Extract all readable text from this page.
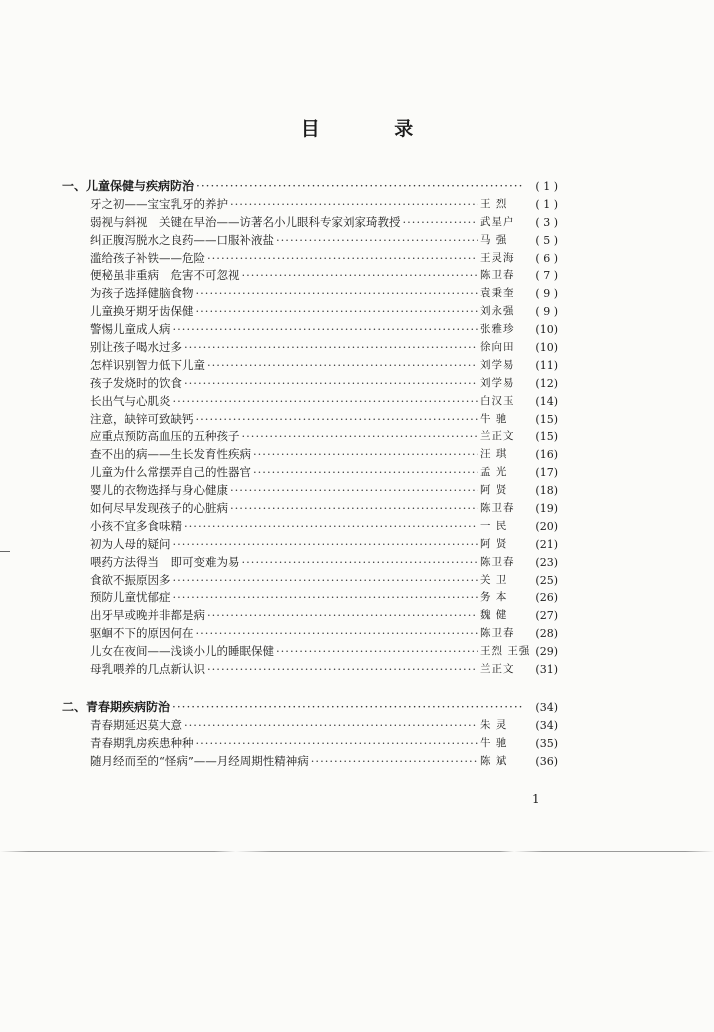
目 录
一、儿童保健与疾病防治 ·····	( 1 )
牙之初——宝宝乳牙的养护 ·····	王 烈	( 1 )
弱视与斜视　关键在早治——访著名小儿眼科专家刘家琦教授 ·····	武星户	( 3 )
纠正腹泻脱水之良药——口服补液盐 ·····	马 强	( 5 )
滥给孩子补铁——危险 ·····	王灵海	( 6 )
便秘虽非重病　危害不可忽视 ·····	陈卫春	( 7 )
为孩子选择健脑食物 ·····	袁秉奎	( 9 )
儿童换牙期牙齿保健 ·····	刘永强	( 9 )
警惕儿童成人病 ·····	张雅珍	(10)
别让孩子喝水过多 ·····	徐向田	(10)
怎样识别智力低下儿童 ·····	刘学易	(11)
孩子发烧时的饮食 ·····	刘学易	(12)
长出气与心肌炎 ·····	白汉玉	(14)
注意，缺锌可致缺钙 ·····	牛 驰	(15)
应重点预防高血压的五种孩子 ·····	兰正文	(15)
查不出的病——生长发育性疾病 ·····	汪 琪	(16)
儿童为什么常摆弄自己的性器官 ·····	孟 光	(17)
婴儿的衣物选择与身心健康 ·····	阿 贤	(18)
如何尽早发现孩子的心脏病 ·····	陈卫春	(19)
小孩不宜多食味精 ·····	一 民	(20)
初为人母的疑问 ·····	阿 贤	(21)
喂药方法得当　即可变难为易 ·····	陈卫春	(23)
食欲不振原因多 ·····	关 卫	(25)
预防儿童忧郁症 ·····	务 本	(26)
出牙早或晚并非都是病 ·····	魏 健	(27)
驱蛔不下的原因何在 ·····	陈卫春	(28)
儿女在夜间——浅谈小儿的睡眠保健 ·····	王烈 王强 (29)
母乳喂养的几点新认识 ·····	兰正文	(31)
二、青春期疾病防治 ·····	(34)
青春期延迟莫大意 ·····	朱 灵	(34)
青春期乳房疾患种种 ·····	牛 驰	(35)
随月经而至的“怪病”——月经周期性精神病 ·····	陈 斌	(36)
1
